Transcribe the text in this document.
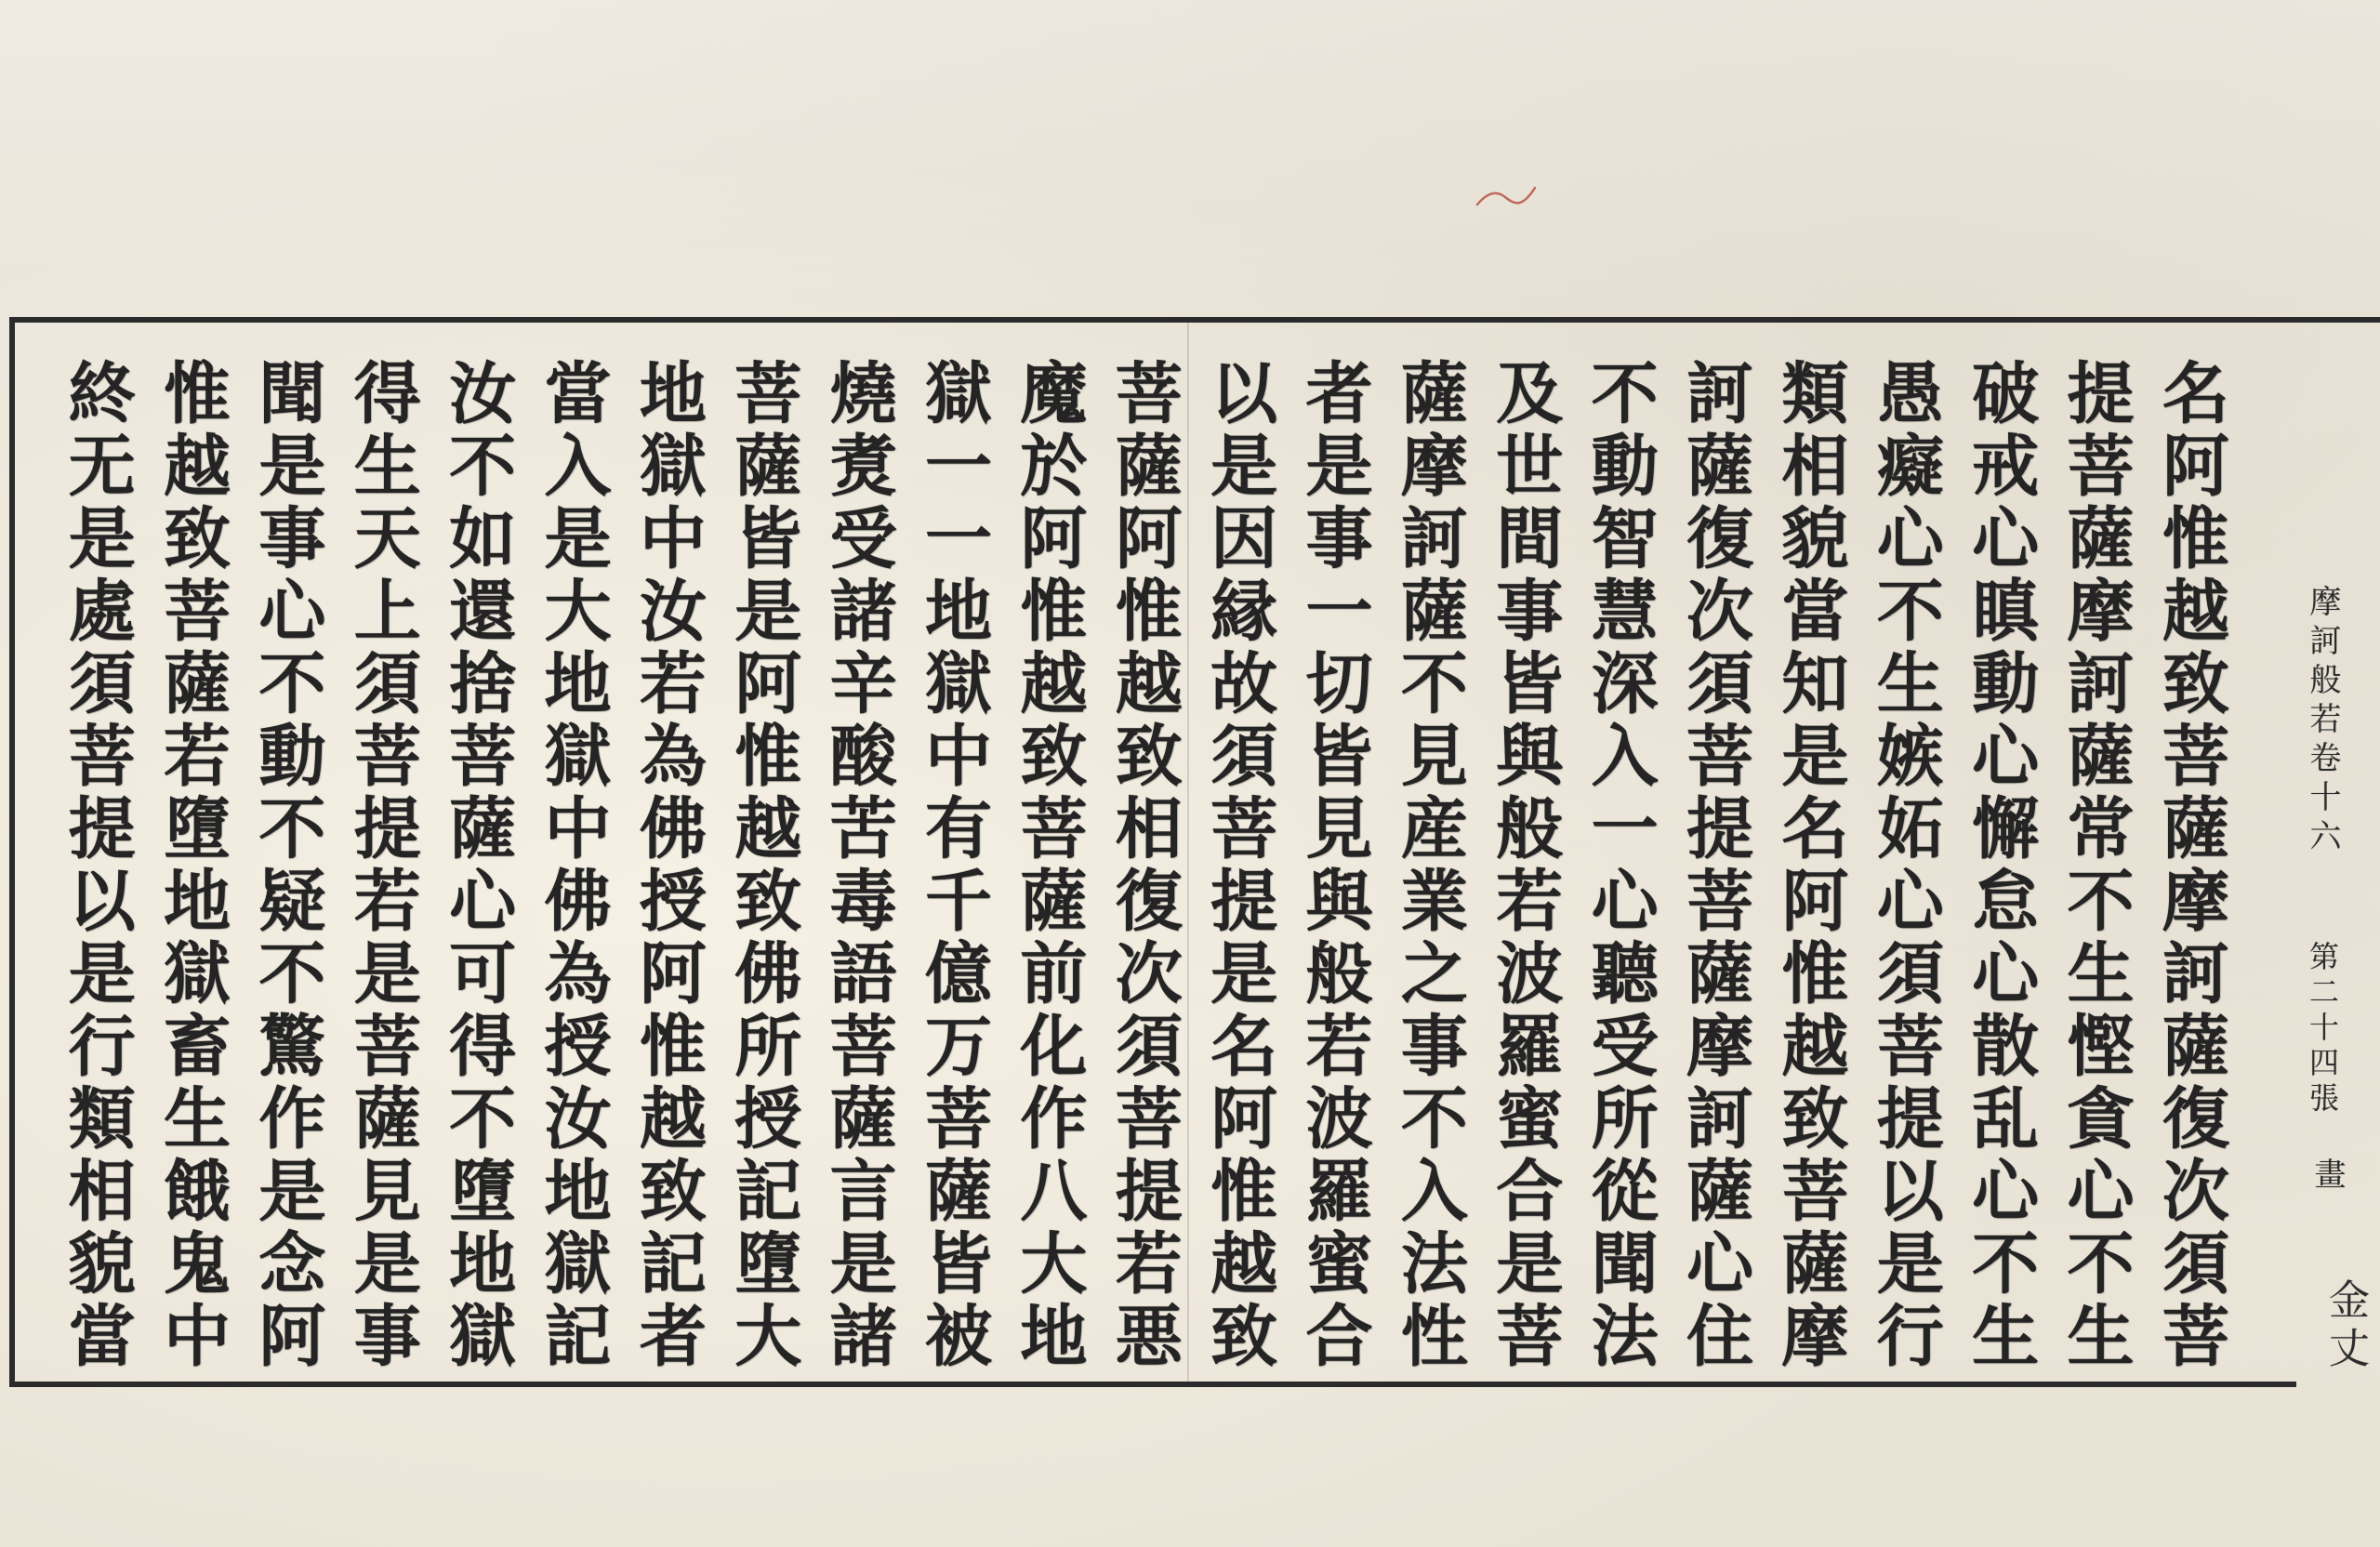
名阿惟越致菩薩摩訶薩復次須菩
提菩薩摩訶薩常不生慳貪心不生
破戒心瞋動心懈怠心散乱心不生
愚癡心不生嫉妬心須菩提以是行
類相貌當知是名阿惟越致菩薩摩
訶薩復次須菩提菩薩摩訶薩心住
不動智慧深入一心聽受所從聞法
及世間事皆與般若波羅蜜合是菩
薩摩訶薩不見産業之事不入法性
者是事一切皆見與般若波羅蜜合
以是因縁故須菩提是名阿惟越致
菩薩阿惟越致相復次須菩提若悪
魔於阿惟越致菩薩前化作八大地
獄一一地獄中有千億万菩薩皆被
燒煑受諸辛酸苦毒語菩薩言是諸
菩薩皆是阿惟越致佛所授記墮大
地獄中汝若為佛授阿惟越致記者
當入是大地獄中佛為授汝地獄記
汝不如還捨菩薩心可得不墮地獄
得生天上須菩提若是菩薩見是事
聞是事心不動不疑不驚作是念阿
惟越致菩薩若墮地獄畜生餓鬼中
終无是處須菩提以是行類相貌當	摩訶般若卷十六
第二十四張
畫
金丈
